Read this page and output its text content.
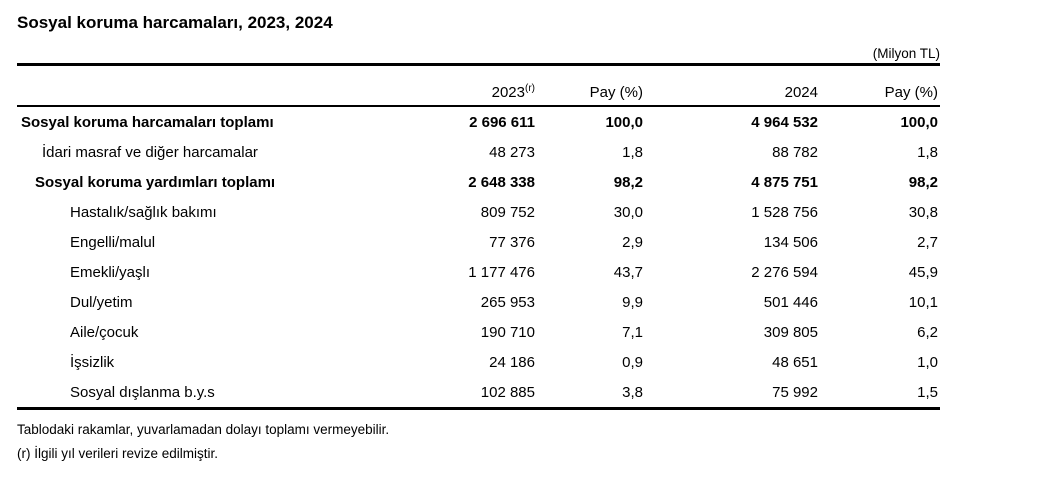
Sosyal koruma harcamaları, 2023, 2024
(Milyon TL)
	2023$^{(r)}$	Pay (%)	2024	Pay (%)
Sosyal koruma harcamaları toplamı	2 696 611	100,0	4 964 532	100,0
İdari masraf ve diğer harcamalar	48 273	1,8	88 782	1,8
Sosyal koruma yardımları toplamı	2 648 338	98,2	4 875 751	98,2
Hastalık/sağlık bakımı	809 752	30,0	1 528 756	30,8
Engelli/malul	77 376	2,9	134 506	2,7
Emekli/yaşlı	1 177 476	43,7	2 276 594	45,9
Dul/yetim	265 953	9,9	501 446	10,1
Aile/çocuk	190 710	7,1	309 805	6,2
İşsizlik	24 186	0,9	48 651	1,0
Sosyal dışlanma b.y.s	102 885	3,8	75 992	1,5

Tablodaki rakamlar, yuvarlamadan dolayı toplamı vermeyebilir.

(r) İlgili yıl verileri revize edilmiştir.
